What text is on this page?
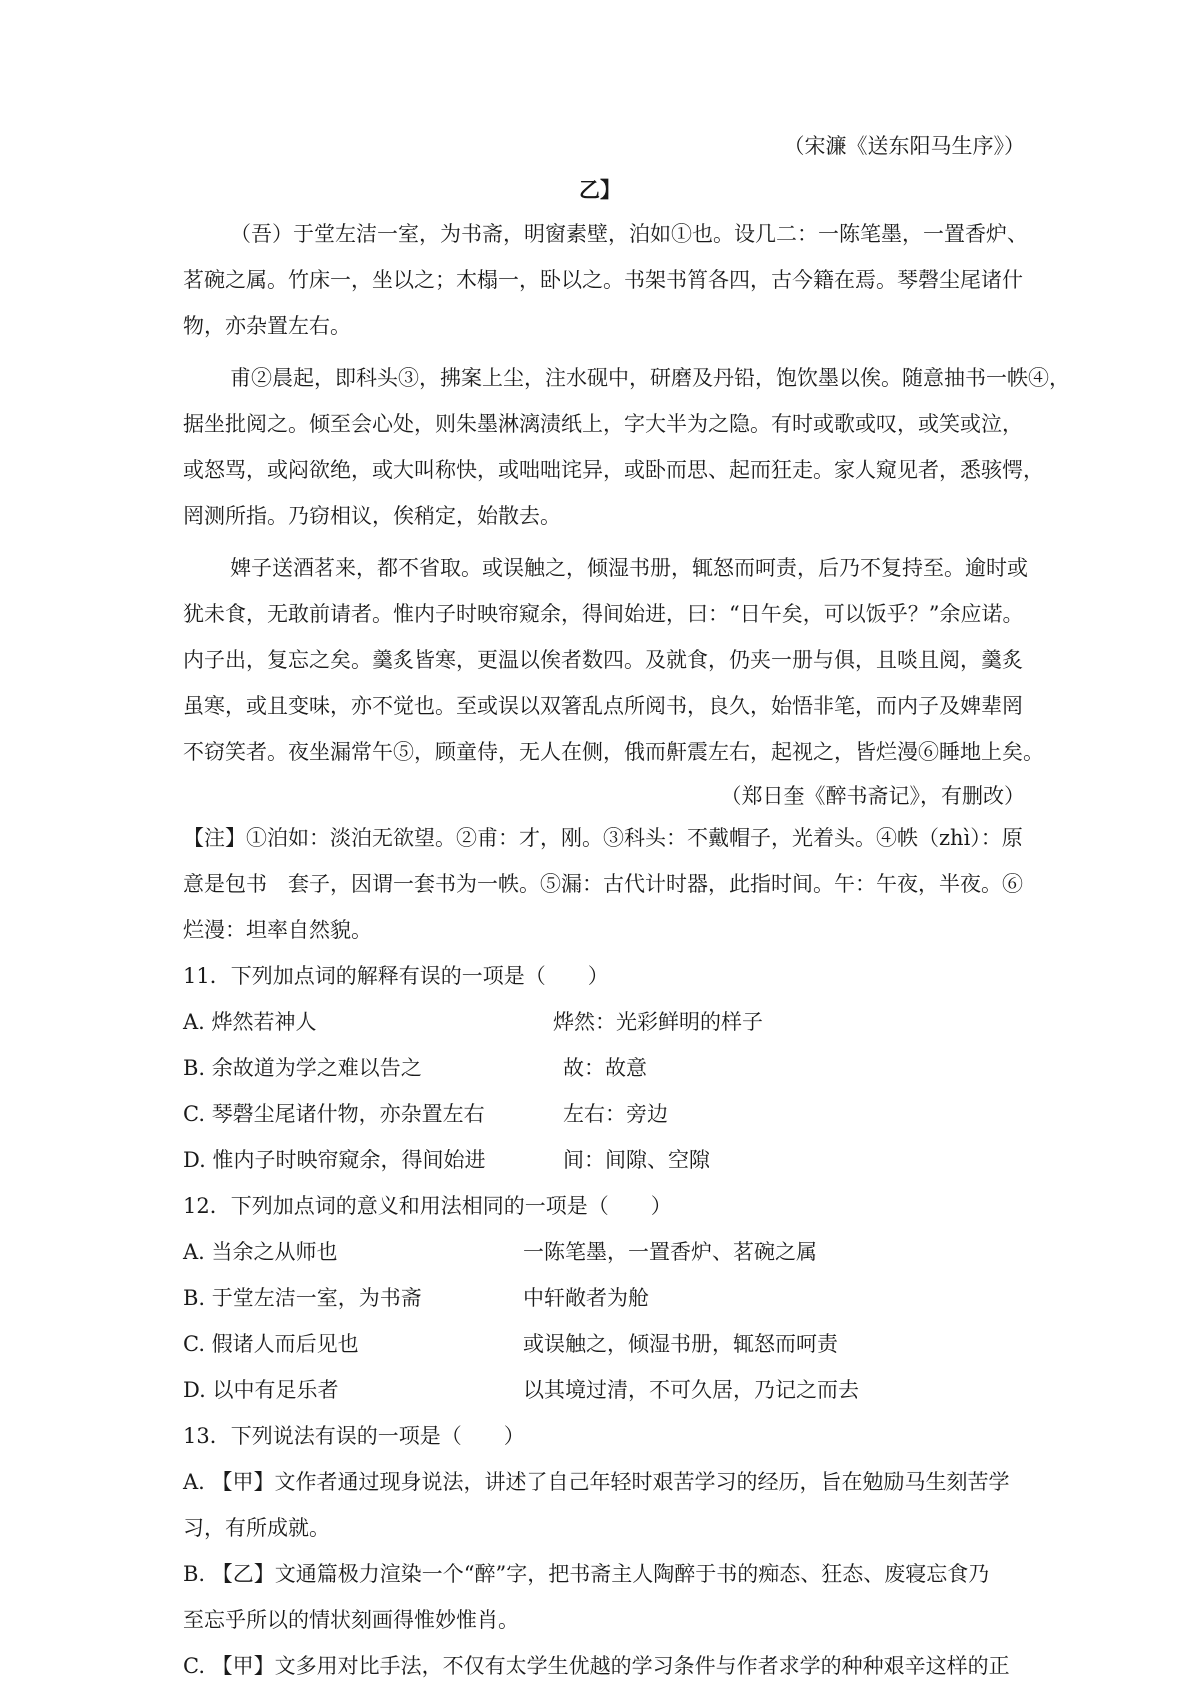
（宋濂《送东阳马生序》）
乙】
（吾）于堂左洁一室，为书斋，明窗素壁，泊如①也。设几二：一陈笔墨，一置香炉、
茗碗之属。竹床一，坐以之；木榻一，卧以之。书架书筲各四，古今籍在焉。琴磬尘尾诸什
物，亦杂置左右。
甫②晨起，即科头③，拂案上尘，注水砚中，研磨及丹铅，饱饮墨以俟。随意抽书一帙④，
据坐批阅之。倾至会心处，则朱墨淋漓渍纸上，字大半为之隐。有时或歌或叹，或笑或泣，
或怒骂，或闷欲绝，或大叫称快，或咄咄诧异，或卧而思、起而狂走。家人窥见者，悉骇愕，
罔测所指。乃窃相议，俟稍定，始散去。
婢子送酒茗来，都不省取。或误触之，倾湿书册，辄怒而呵责，后乃不复持至。逾时或
犹未食，无敢前请者。惟内子时映帘窥余，得间始进，曰：“日午矣，可以饭乎？”余应诺。
内子出，复忘之矣。羹炙皆寒，更温以俟者数四。及就食，仍夹一册与俱，且啖且阅，羹炙
虽寒，或且变味，亦不觉也。至或误以双箸乱点所阅书，良久，始悟非笔，而内子及婢辈罔
不窃笑者。夜坐漏常午⑤，顾童侍，无人在侧，俄而鼾震左右，起视之，皆烂漫⑥睡地上矣。
（郑日奎《醉书斋记》，有删改）
【注】①泊如：淡泊无欲望。②甫：才，刚。③科头：不戴帽子，光着头。④帙（zhì）：原
意是包书　套子，因谓一套书为一帙。⑤漏：古代计时器，此指时间。午：午夜，半夜。⑥
烂漫：坦率自然貌。
11．下列加点词的解释有误的一项是（　　）
A. 烨然若神人	烨然：光彩鲜明的样子
B. 余故道为学之难以告之	故：故意
C. 琴磬尘尾诸什物，亦杂置左右	左右：旁边
D. 惟内子时映帘窥余，得间始进	间：间隙、空隙
12．下列加点词的意义和用法相同的一项是（　　）
A. 当余之从师也	一陈笔墨，一置香炉、茗碗之属
B. 于堂左洁一室，为书斋	中轩敞者为舱
C. 假诸人而后见也	或误触之，倾湿书册，辄怒而呵责
D. 以中有足乐者	以其境过清，不可久居，乃记之而去
13．下列说法有误的一项是（　　）
A. 【甲】文作者通过现身说法，讲述了自己年轻时艰苦学习的经历，旨在勉励马生刻苦学
习，有所成就。
B. 【乙】文通篇极力渲染一个“醉”字，把书斋主人陶醉于书的痴态、狂态、废寝忘食乃
至忘乎所以的情状刻画得惟妙惟肖。
C. 【甲】文多用对比手法，不仅有太学生优越的学习条件与作者求学的种种艰辛这样的正
